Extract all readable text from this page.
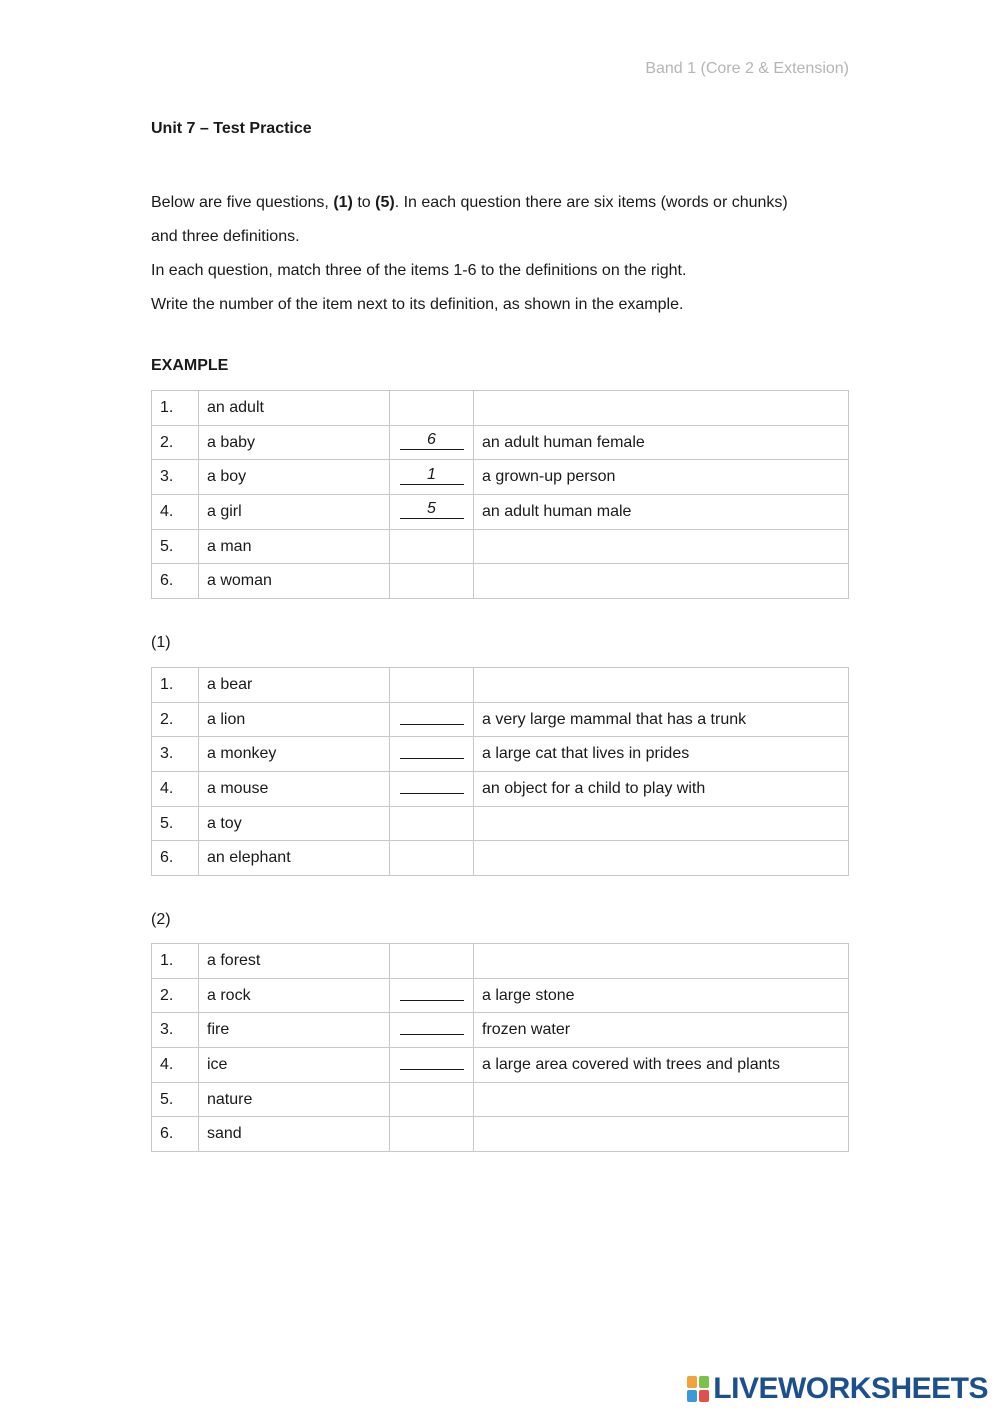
Band 1 (Core 2 & Extension)
Unit 7 – Test Practice

Below are five questions, (1) to (5). In each question there are six items (words or chunks)

and three definitions.

In each question, match three of the items 1-6 to the definitions on the right.

Write the number of the item next to its definition, as shown in the example.

EXAMPLE
1.	an adult		
2.	a baby	6	an adult human female
3.	a boy	1	a grown-up person
4.	a girl	5	an adult human male
5.	a man		
6.	a woman		
(1)
1.	a bear		
2.	a lion		a very large mammal that has a trunk
3.	a monkey		a large cat that lives in prides
4.	a mouse		an object for a child to play with
5.	a toy		
6.	an elephant		
(2)
1.	a forest		
2.	a rock		a large stone
3.	fire		frozen water
4.	ice		a large area covered with trees and plants
5.	nature		
6.	sand		
LIVEWORKSHEETS
